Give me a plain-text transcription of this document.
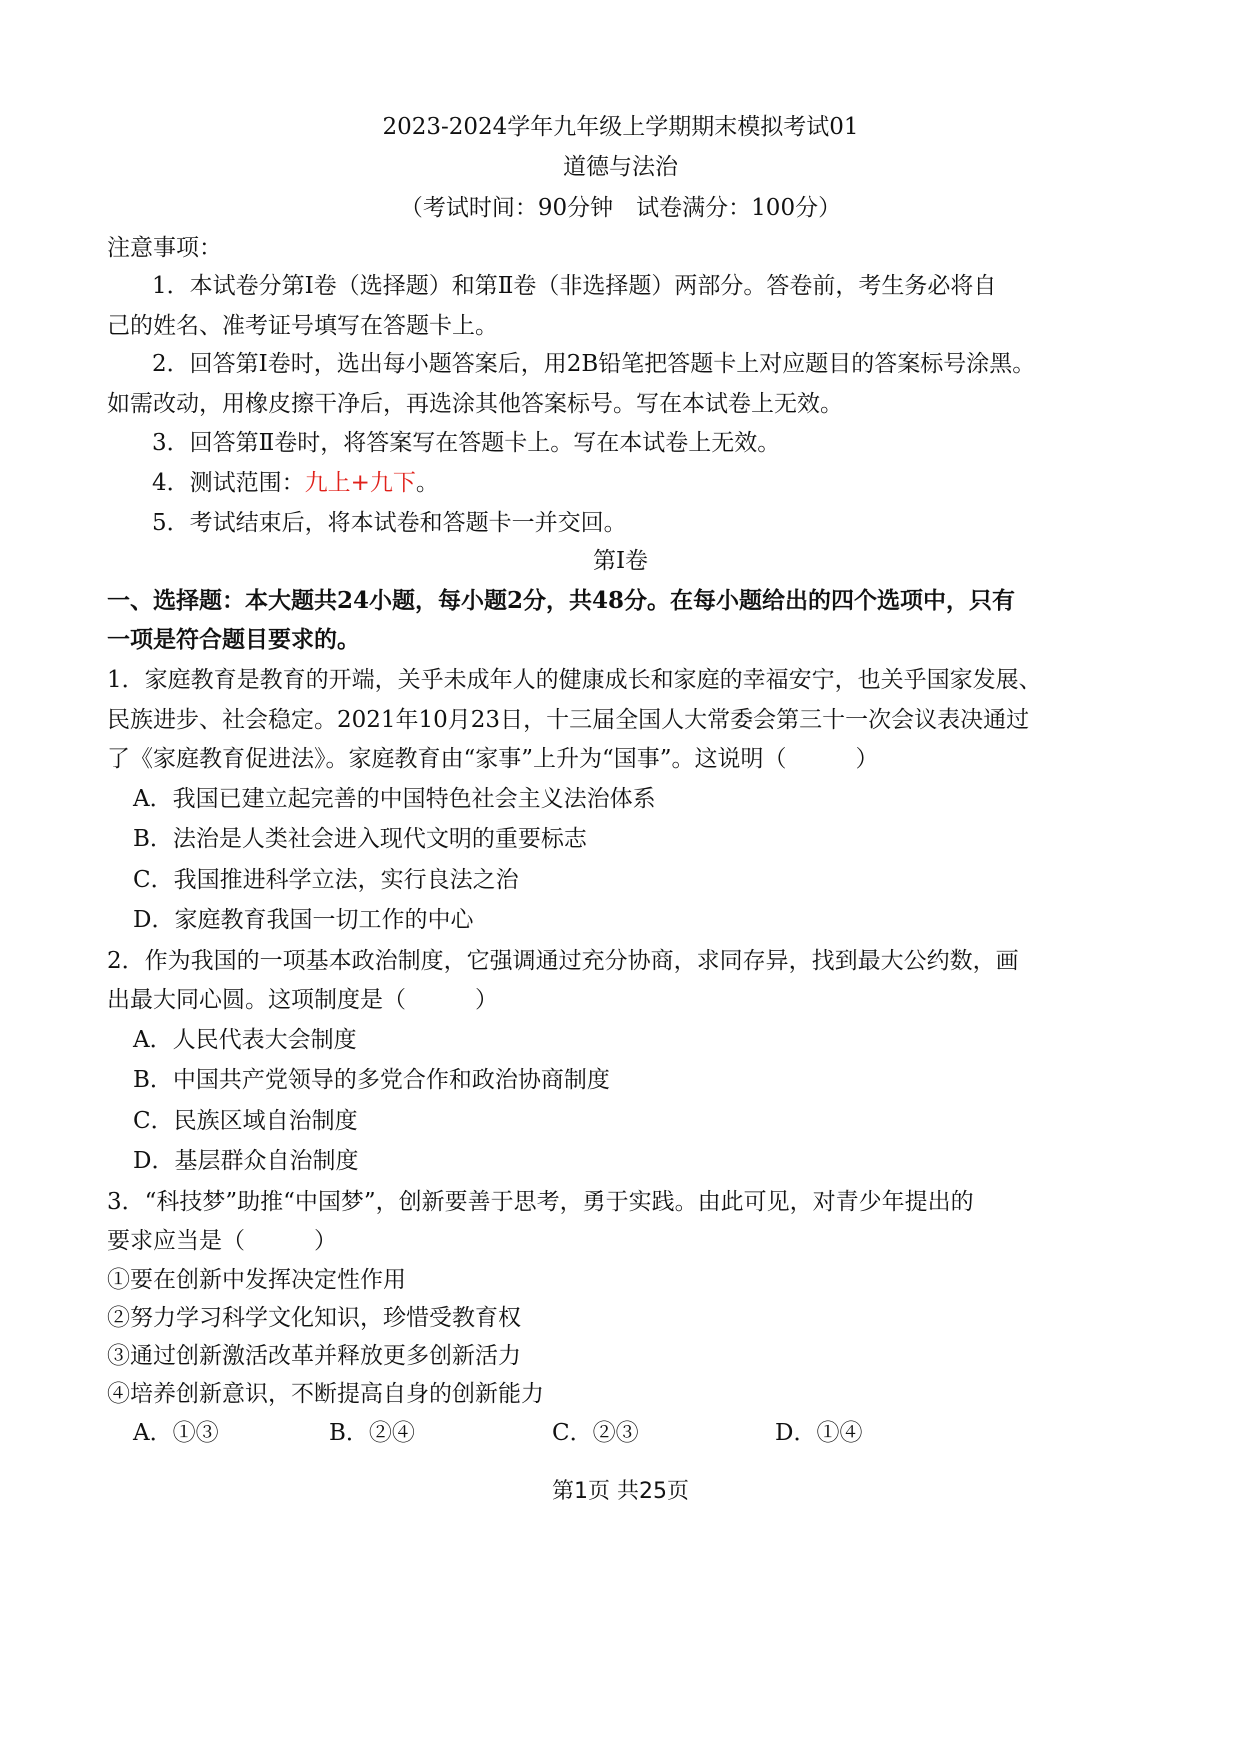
2023-2024学年九年级上学期期末模拟考试01
道德与法治
（考试时间：90分钟　试卷满分：100分）
注意事项：
1．本试卷分第Ⅰ卷（选择题）和第Ⅱ卷（非选择题）两部分。答卷前，考生务必将自
己的姓名、准考证号填写在答题卡上。
2．回答第Ⅰ卷时，选出每小题答案后，用2B铅笔把答题卡上对应题目的答案标号涂黑。
如需改动，用橡皮擦干净后，再选涂其他答案标号。写在本试卷上无效。
3．回答第Ⅱ卷时，将答案写在答题卡上。写在本试卷上无效。
4．测试范围：九上+九下。
5．考试结束后，将本试卷和答题卡一并交回。
第Ⅰ卷
一、选择题：本大题共24小题，每小题2分，共48分。在每小题给出的四个选项中，只有
一项是符合题目要求的。
1．家庭教育是教育的开端，关乎未成年人的健康成长和家庭的幸福安宁，也关乎国家发展、
民族进步、社会稳定。2021年10月23日，十三届全国人大常委会第三十一次会议表决通过
了《家庭教育促进法》。家庭教育由“家事”上升为“国事”。这说明（　　　）
A．我国已建立起完善的中国特色社会主义法治体系
B．法治是人类社会进入现代文明的重要标志
C．我国推进科学立法，实行良法之治
D．家庭教育我国一切工作的中心
2．作为我国的一项基本政治制度，它强调通过充分协商，求同存异，找到最大公约数，画
出最大同心圆。这项制度是（　　　）
A．人民代表大会制度
B．中国共产党领导的多党合作和政治协商制度
C．民族区域自治制度
D．基层群众自治制度
3．“科技梦”助推“中国梦”，创新要善于思考，勇于实践。由此可见，对青少年提出的
要求应当是（　　　）
①要在创新中发挥决定性作用
②努力学习科学文化知识，珍惜受教育权
③通过创新激活改革并释放更多创新活力
④培养创新意识，不断提高自身的创新能力
A．①③	B．②④	C．②③	D．①④
第1页 共25页
